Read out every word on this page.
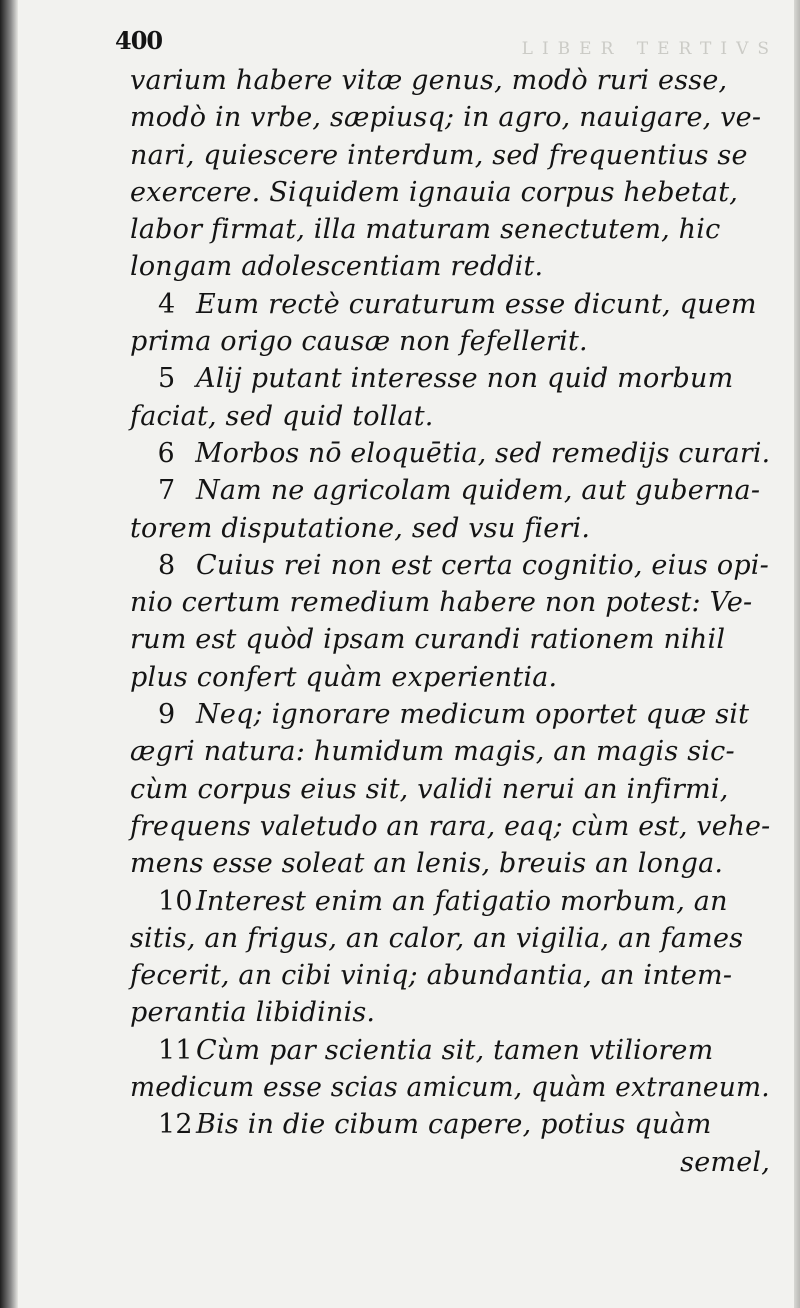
LIBER TERTIVS
400

varium habere vitæ genus, modò ruri esse,

modò in vrbe, sæpiusq; in agro, nauigare, ve-

nari, quiescere interdum, sed frequentius se

exercere. Siquidem ignauia corpus hebetat,

labor firmat, illa maturam senectutem, hic

longam adolescentiam reddit.

4 Eum rectè curaturum esse dicunt, quem

prima origo causæ non fefellerit.

5 Alij putant interesse non quid morbum

faciat, sed quid tollat.

6 Morbos nō eloquētia, sed remedijs curari.

7 Nam ne agricolam quidem, aut guberna-

torem disputatione, sed vsu fieri.

8 Cuius rei non est certa cognitio, eius opi-

nio certum remedium habere non potest: Ve-

rum est quòd ipsam curandi rationem nihil

plus confert quàm experientia.

9 Neq; ignorare medicum oportet quæ sit

ægri natura: humidum magis, an magis sic-

cùm corpus eius sit, validi nerui an infirmi,

frequens valetudo an rara, eaq; cùm est, vehe-

mens esse soleat an lenis, breuis an longa.

10 Interest enim an fatigatio morbum, an

sitis, an frigus, an calor, an vigilia, an fames

fecerit, an cibi viniq; abundantia, an intem-

perantia libidinis.

11 Cùm par scientia sit, tamen vtiliorem

medicum esse scias amicum, quàm extraneum.

12 Bis in die cibum capere, potius quàm

semel,
